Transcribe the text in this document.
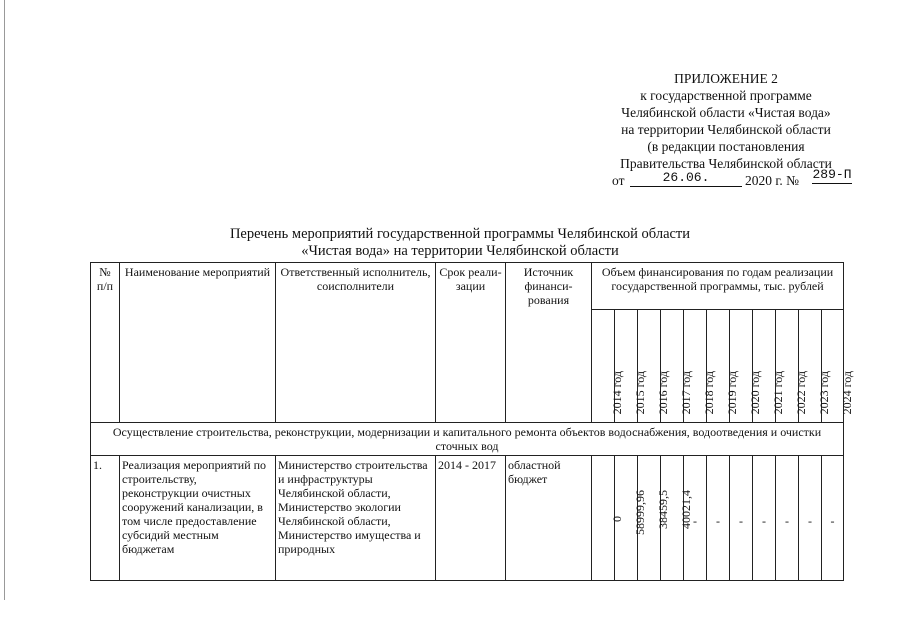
ПРИЛОЖЕНИЕ 2
к государственной программе
Челябинской области «Чистая вода»
на территории Челябинской области
(в редакции постановления
Правительства Челябинской области
от	26.06.	2020 г. № 289-П

Перечень мероприятий государственной программы Челябинской области
«Чистая вода» на территории Челябинской области
№ п/п	Наименование мероприятий	Ответственный исполнитель, соисполнители	Срок реали- зации	Источник финанси- рования	Объем финансирования по годам реализации государственной программы, тыс. рублей										

					2014 год	2015 год	2016 год	2017 год	2018 год	2019 год	2020 год	2021 год	2022 год	2023 год	2024 год

Осуществление строительства, реконструкции, модернизации и капитального ремонта объектов водоснабжения, водоотведения и очистки сточных вод															
1.	Реализация мероприятий по строительству, реконструкции очистных сооружений канализации, в том числе предоставление субсидий местным бюджетам	Министерство строительства и инфраструктуры Челябинской области, Министерство экологии Челябинской области, Министерство имущества и природных	2014 - 2017	областной бюджет	0	58999,96	38459,5	40021,4	-	-	-	-	-	-	-
